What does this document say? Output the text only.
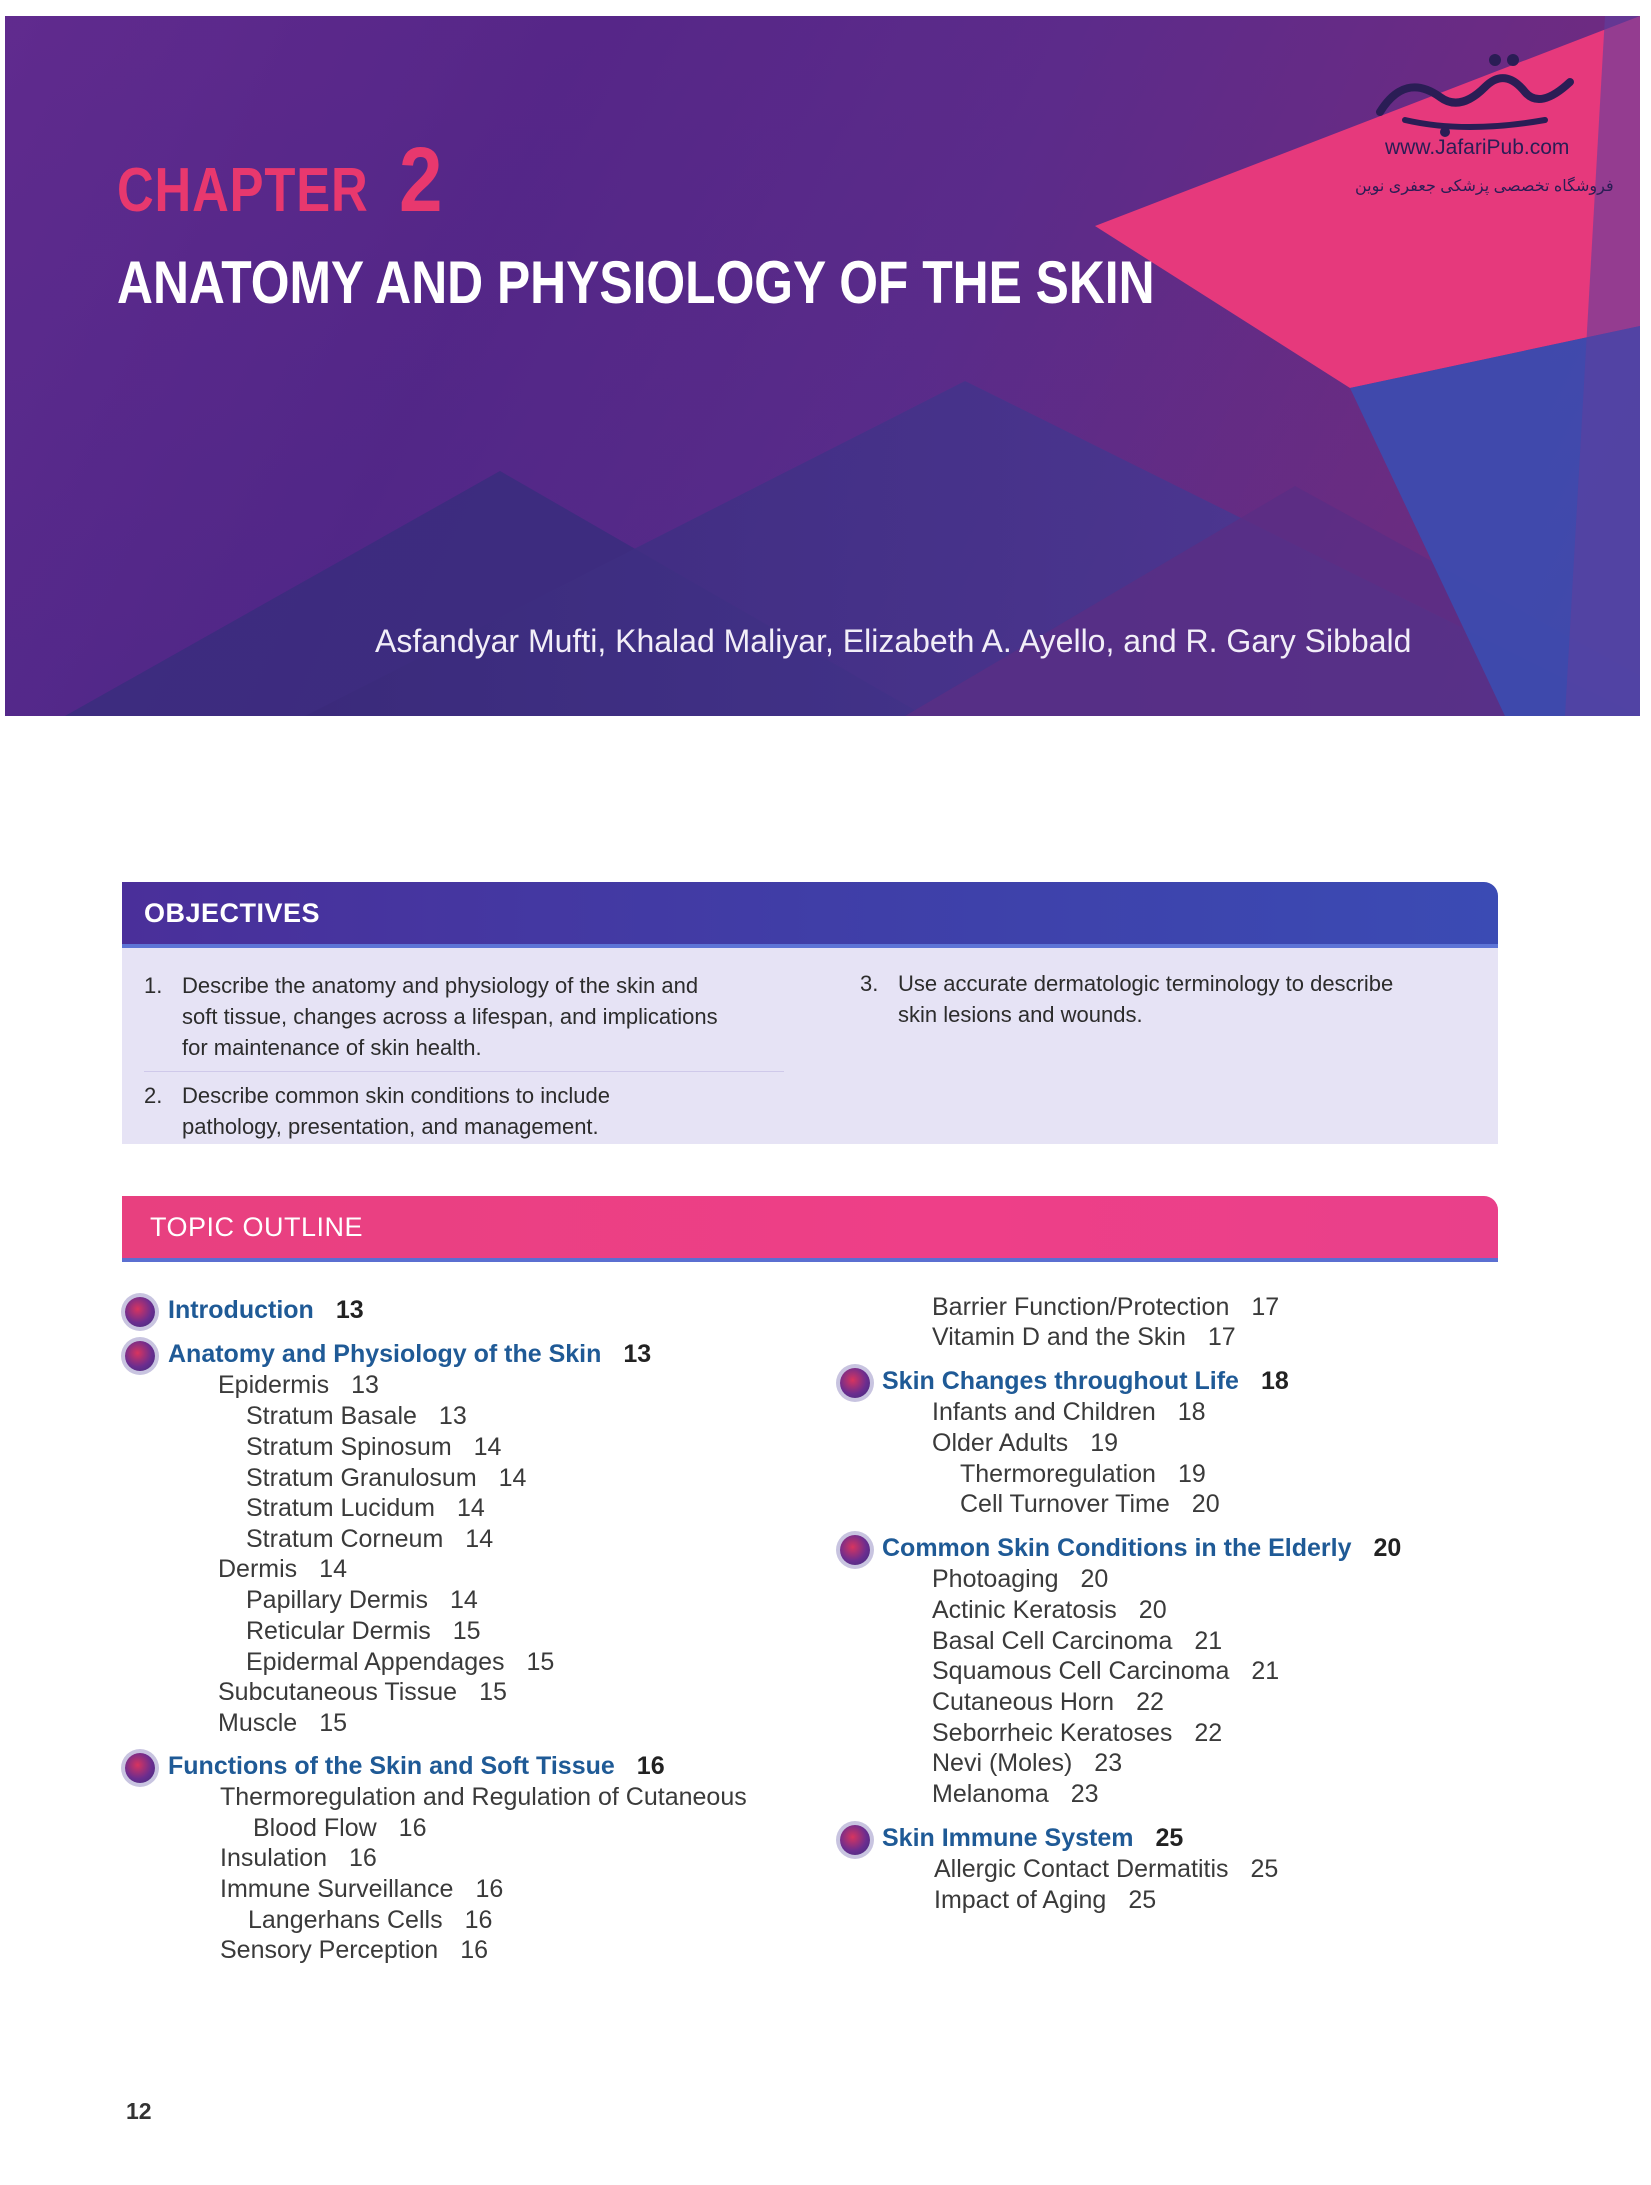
CHAPTER 2
ANATOMY AND PHYSIOLOGY OF THE SKIN
Asfandyar Mufti, Khalad Maliyar, Elizabeth A. Ayello, and R. Gary Sibbald
www.JafariPub.com
فروشگاه تخصصی پزشکی جعفری نوین
OBJECTIVES
1. Describe the anatomy and physiology of the skin and
soft tissue, changes across a lifespan, and implications
for maintenance of skin health.
2. Describe common skin conditions to include
pathology, presentation, and management.
3. Use accurate dermatologic terminology to describe
skin lesions and wounds.
TOPIC OUTLINE
Introduction 13
Anatomy and Physiology of the Skin 13
Epidermis 13
Stratum Basale 13
Stratum Spinosum 14
Stratum Granulosum 14
Stratum Lucidum 14
Stratum Corneum 14
Dermis 14
Papillary Dermis 14
Reticular Dermis 15
Epidermal Appendages 15
Subcutaneous Tissue 15
Muscle 15
Functions of the Skin and Soft Tissue 16
Thermoregulation and Regulation of Cutaneous
Blood Flow 16
Insulation 16
Immune Surveillance 16
Langerhans Cells 16
Sensory Perception 16
Barrier Function/Protection 17
Vitamin D and the Skin 17
Skin Changes throughout Life 18
Infants and Children 18
Older Adults 19
Thermoregulation 19
Cell Turnover Time 20
Common Skin Conditions in the Elderly 20
Photoaging 20
Actinic Keratosis 20
Basal Cell Carcinoma 21
Squamous Cell Carcinoma 21
Cutaneous Horn 22
Seborrheic Keratoses 22
Nevi (Moles) 23
Melanoma 23
Skin Immune System 25
Allergic Contact Dermatitis 25
Impact of Aging 25
12
